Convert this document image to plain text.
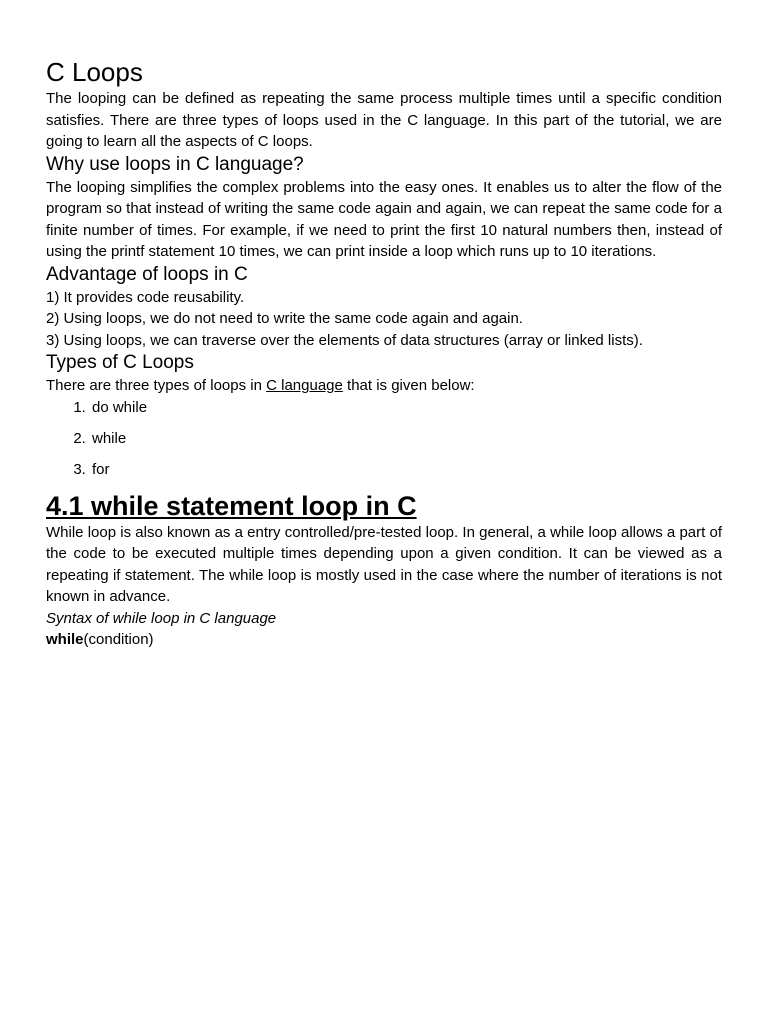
C Loops

The looping can be defined as repeating the same process multiple times until a specific condition satisfies. There are three types of loops used in the C language. In this part of the tutorial, we are going to learn all the aspects of C loops.

Why use loops in C language?

The looping simplifies the complex problems into the easy ones. It enables us to alter the flow of the program so that instead of writing the same code again and again, we can repeat the same code for a finite number of times. For example, if we need to print the first 10 natural numbers then, instead of using the printf statement 10 times, we can print inside a loop which runs up to 10 iterations.

Advantage of loops in C

1) It provides code reusability.

2) Using loops, we do not need to write the same code again and again.

3) Using loops, we can traverse over the elements of data structures (array or linked lists).

Types of C Loops

There are three types of loops in C language that is given below:

1. do while
2. while
3. for
4.1 while statement loop in C

While loop is also known as a entry controlled/pre-tested loop. In general, a while loop allows a part of the code to be executed multiple times depending upon a given condition. It can be viewed as a repeating if statement. The while loop is mostly used in the case where the number of iterations is not known in advance.

Syntax of while loop in C language

while(condition)
